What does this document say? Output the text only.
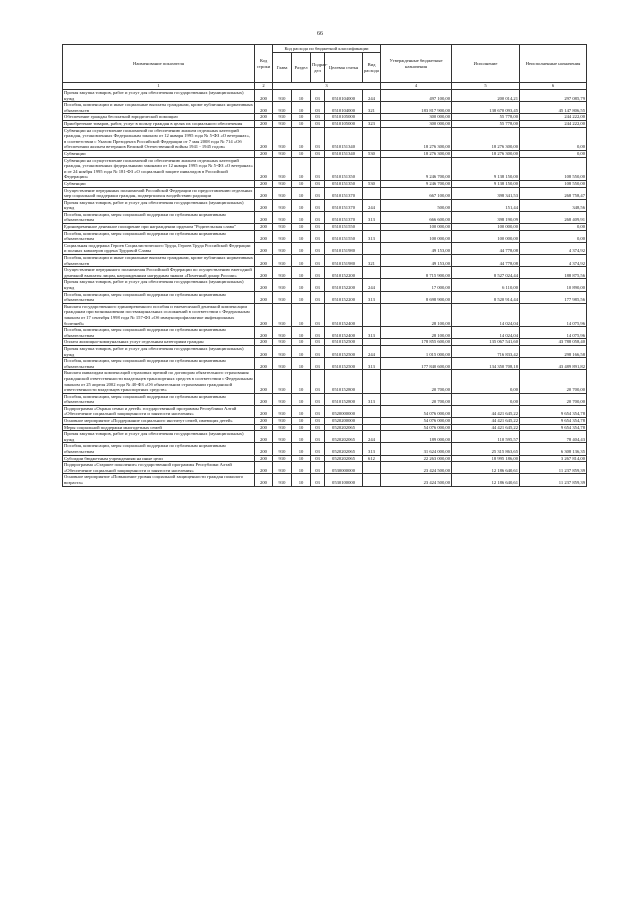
66
Наименование показателя	Код строки	Код расхода по бюджетной классификации					Утвержденные бюджетные назначения	Исполнение	Неисполненные назначения
		Глава	Раздел	Подраз-дел	Целевая статья	Вид расхода			
1	2	3					4	5	6
Прочая закупка товаров, работ и услуг для обеспечения государственных (муниципальных) нужд	200	910	10	03	0510104000	244	497 100,00	200 014,21	297 085,79
Пособия, компенсации и иные социальные выплаты гражданам, кроме публичных нормативных обязательств	200	910	10	03	0510104000	321	183 817 900,00	138 670 093,45	45 147 806,55
Обеспечение граждан бесплатной юридической помощью	200	910	10	03	0510105000		300 000,00	55 778,00	244 222,00
Приобретение товаров, работ, услуг в пользу граждан в целях их социального обеспечения	200	910	10	03	0510105000	323	300 000,00	55 778,00	244 222,00
Субвенции на осуществление полномочий по обеспечению жильем отдельных категорий граждан, установленных Федеральным законом от 12 января 1995 года № 5-ФЗ «О ветеранах», в соответствии с Указом Президента Российской Федерации от 7 мая 2008 года № 714 «Об обеспечении жильем ветеранов Великой Отечественной войны 1941 - 1945 годов»	200	910	10	03	0510151340		18 276 300,00	18 276 300,00	0,00
Субвенции	200	910	10	03	0510151340	530	18 276 300,00	18 276 300,00	0,00
Субвенции на осуществление полномочий по обеспечению жильем отдельных категорий граждан, установленных федеральными законами от 12 января 1995 года № 5-ФЗ «О ветеранах» и от 24 ноября 1995 года № 181-ФЗ «О социальной защите инвалидов в Российской Федерации»	200	910	10	03	0510151350		9 246 700,00	9 138 150,00	108 550,00
Субвенции	200	910	10	03	0510151350	530	9 246 700,00	9 138 150,00	108 550,00
Осуществление переданных полномочий Российской Федерации по предоставлению отдельных мер социальной поддержки граждан, подвергшихся воздействию радиации	200	910	10	03	0510151370		667 100,00	398 341,53	268 758,47
Прочая закупка товаров, работ и услуг для обеспечения государственных (муниципальных) нужд	200	910	10	03	0510151370	244	500,00	151,44	348,56
Пособия, компенсации, меры социальной поддержки по публичным нормативным обязательствам	200	910	10	03	0510151370	313	666 600,00	398 190,09	268 409,91
Единовременное денежное поощрение при награждении орденом "Родительская слава"	200	910	10	03	0510151550		100 000,00	100 000,00	0,00
Пособия, компенсации, меры социальной поддержки по публичным нормативным обязательствам	200	910	10	03	0510151550	313	100 000,00	100 000,00	0,00
Социальная поддержка Героев Социалистического Труда, Героев Труда Российской Федерации и полных кавалеров ордена Трудовой Славы	200	910	10	03	0510151980		49 153,00	44 778,08	4 374,92
Пособия, компенсации и иные социальные выплаты гражданам, кроме публичных нормативных обязательств	200	910	10	03	0510151980	321	49 153,00	44 778,08	4 374,92
Осуществление переданного полномочия Российской Федерации по осуществлению ежегодной денежной выплаты лицам, награжденным нагрудным знаком «Почетный донор России»	200	910	10	03	0510152200		8 715 900,00	8 527 024,44	188 875,56
Прочая закупка товаров, работ и услуг для обеспечения государственных (муниципальных) нужд	200	910	10	03	0510152200	244	17 000,00	6 110,00	10 890,00
Пособия, компенсации, меры социальной поддержки по публичным нормативным обязательствам	200	910	10	03	0510152200	313	8 698 900,00	8 520 914,44	177 985,56
Выплата государственного единовременного пособия и ежемесячной денежной компенсации гражданам при возникновении поствакцинальных осложнений в соответствии с Федеральным законом от 17 сентября 1998 года № 157-ФЗ «Об иммунопрофилактике инфекционных болезней»	200	910	10	03	0510152400		28 100,00	14 024,04	14 075,96
Пособия, компенсации, меры социальной поддержки по публичным нормативным обязательствам	200	910	10	03	0510152400	313	28 100,00	14 024,04	14 075,96
Оплата жилищно-коммунальных услуг отдельным категориям граждан	200	910	10	03	0510152500		178 855 600,00	135 067 541,60	43 788 058,40
Прочая закупка товаров, работ и услуг для обеспечения государственных (муниципальных) нужд	200	910	10	03	0510152500	244	1 015 000,00	716 833,42	298 166,58
Пособия, компенсации, меры социальной поддержки по публичным нормативным обязательствам	200	910	10	03	0510152500	313	177 840 600,00	134 350 708,18	43 489 891,82
Выплата инвалидам компенсаций страховых премий по договорам обязательного страхования гражданской ответственности владельцев транспортных средств в соответствии с Федеральным законом от 25 апреля 2002 года № 40-ФЗ «Об обязательном страховании гражданской ответственности владельцев транспортных средств»	200	910	10	03	0510152800		20 700,00	0,00	20 700,00
Пособия, компенсации, меры социальной поддержки по публичным нормативным обязательствам	200	910	10	03	0510152800	313	20 700,00	0,00	20 700,00
Подпрограмма «Охрана семьи и детей» государственной программы Республики Алтай «Обеспечение социальной защищенности и занятости населения»	200	910	10	03	0520000000		54 076 000,00	44 421 645,22	9 654 354,78
Основное мероприятие «Поддержание социального институт семей, имеющих детей»	200	910	10	03	0520200000		54 076 000,00	44 421 645,22	9 654 354,78
Меры социальной поддержки многодетных семей	200	910	10	03	0520202065		54 076 000,00	44 421 645,22	9 654 354,78
Прочая закупка товаров, работ и услуг для обеспечения государственных (муниципальных) нужд	200	910	10	03	0520202065	244	189 000,00	110 595,57	78 404,43
Пособия, компенсации, меры социальной поддержки по публичным нормативным обязательствам	200	910	10	03	0520202065	313	31 624 000,00	25 315 863,65	6 308 136,35
Субсидии бюджетным учреждениям на иные цели	200	910	10	03	0520202065	612	22 263 000,00	18 995 186,00	3 267 814,00
Подпрограмма «Старшее поколение» государственной программы Республики Алтай «Обеспечение социальной защищенности и занятости населения»	200	910	10	03	0530000000		23 424 500,00	12 186 640,61	11 237 859,39
Основное мероприятие «Повышение уровня социальной защищенности граждан пожилого возраста»	200	910	10	03	0530100000		23 424 500,00	12 186 640,61	11 237 859,39
